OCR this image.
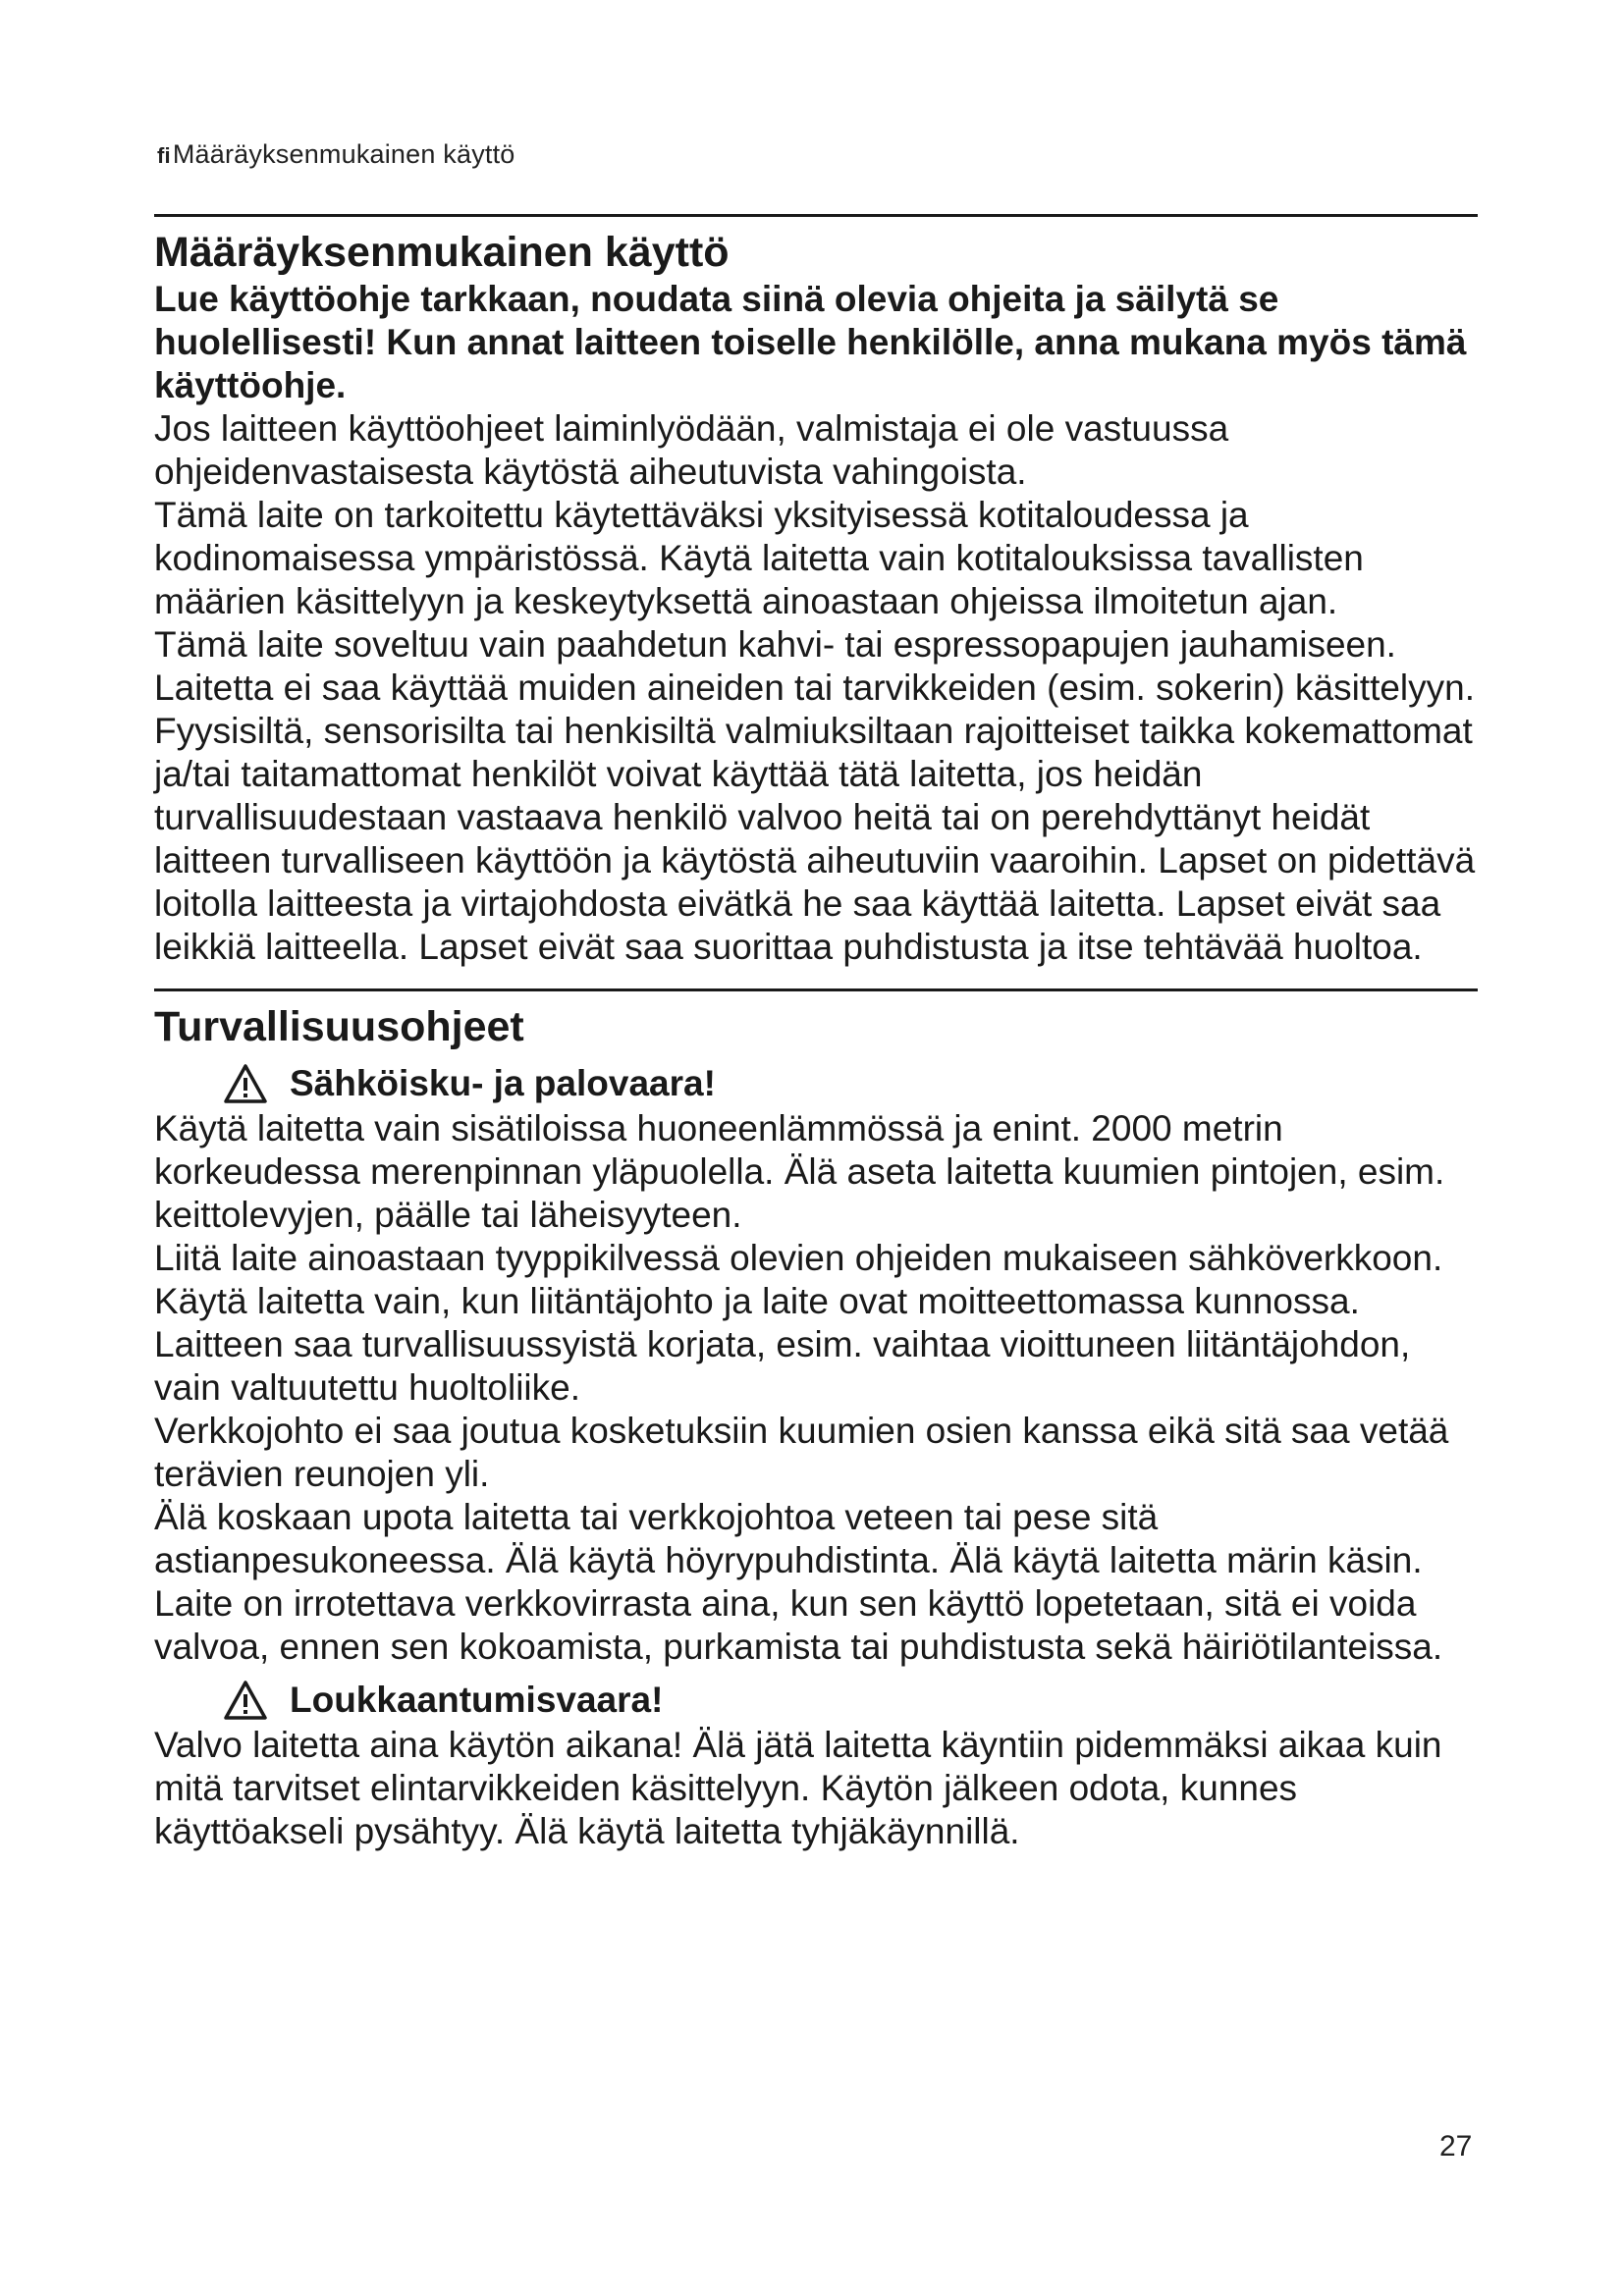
fiMääräyksenmukainen käyttö
Määräyksenmukainen käyttö

Lue käyttöohje tarkkaan, noudata siinä olevia ohjeita ja säilytä se huolellisesti! Kun annat laitteen toiselle henkilölle, anna mukana myös tämä käyttöohje.

Jos laitteen käyttöohjeet laiminlyödään, valmistaja ei ole vastuussa ohjeidenvastaisesta käytöstä aiheutuvista vahingoista.

Tämä laite on tarkoitettu käytettäväksi yksityisessä kotitaloudessa ja kodinomaisessa ympäristössä. Käytä laitetta vain kotitalouksissa tavallisten määrien käsittelyyn ja keskeytyksettä ainoastaan ohjeissa ilmoitetun ajan.

Tämä laite soveltuu vain paahdetun kahvi- tai espressopapujen jauhamiseen. Laitetta ei saa käyttää muiden aineiden tai tarvikkeiden (esim. sokerin) käsittelyyn.

Fyysisiltä, sensorisilta tai henkisiltä valmiuksiltaan rajoitteiset taikka kokemattomat ja/tai taitamattomat henkilöt voivat käyttää tätä laitetta, jos heidän turvallisuudestaan vastaava henkilö valvoo heitä tai on perehdyttänyt heidät laitteen turvalliseen käyttöön ja käytöstä aiheutuviin vaaroihin. Lapset on pidettävä loitolla laitteesta ja virtajohdosta eivätkä he saa käyttää laitetta. Lapset eivät saa leikkiä laitteella. Lapset eivät saa suorittaa puhdistusta ja itse tehtävää huoltoa.

Turvallisuusohjeet
Sähköisku- ja palovaara!

Käytä laitetta vain sisätiloissa huoneenlämmössä ja enint. 2000 metrin korkeudessa merenpinnan yläpuolella. Älä aseta laitetta kuumien pintojen, esim. keittolevyjen, päälle tai läheisyyteen.

Liitä laite ainoastaan tyyppikilvessä olevien ohjeiden mukaiseen sähköverkkoon. Käytä laitetta vain, kun liitäntäjohto ja laite ovat moitteettomassa kunnossa. Laitteen saa turvallisuussyistä korjata, esim. vaihtaa vioittuneen liitäntäjohdon, vain valtuutettu huoltoliike.

Verkkojohto ei saa joutua kosketuksiin kuumien osien kanssa eikä sitä saa vetää terävien reunojen yli.

Älä koskaan upota laitetta tai verkkojohtoa veteen tai pese sitä astianpesukoneessa. Älä käytä höyrypuhdistinta. Älä käytä laitetta märin käsin.

Laite on irrotettava verkkovirrasta aina, kun sen käyttö lopetetaan, sitä ei voida valvoa, ennen sen kokoamista, purkamista tai puhdistusta sekä häiriötilanteissa.

Loukkaantumisvaara!

Valvo laitetta aina käytön aikana! Älä jätä laitetta käyntiin pidemmäksi aikaa kuin mitä tarvitset elintarvikkeiden käsittelyyn. Käytön jälkeen odota, kunnes käyttöakseli pysähtyy. Älä käytä laitetta tyhjäkäynnillä.

27
